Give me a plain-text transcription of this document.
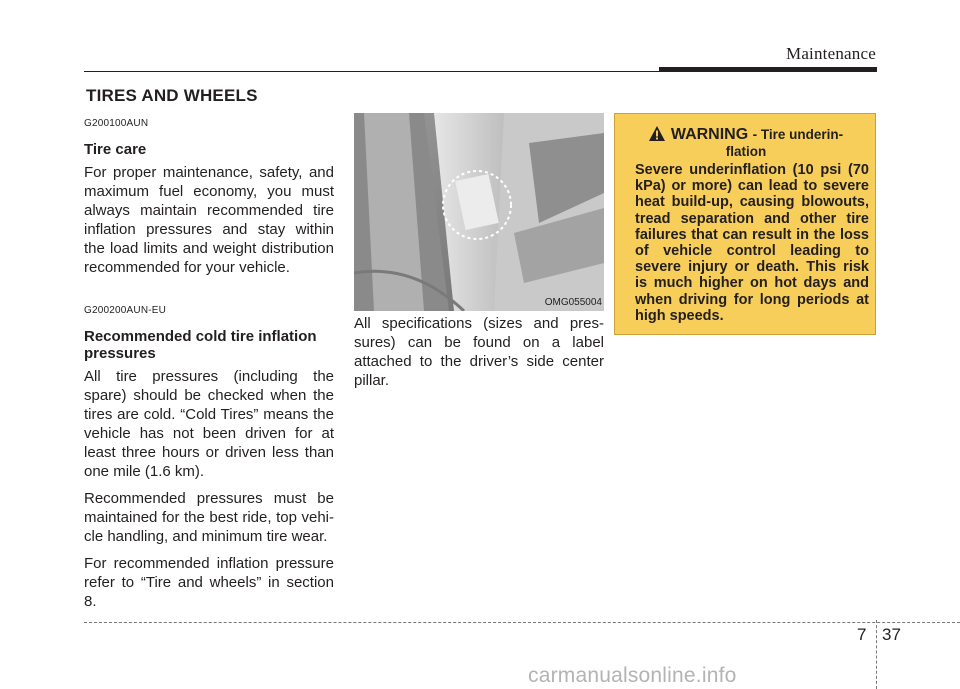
Maintenance
TIRES AND WHEELS
G200100AUN
Tire care

For proper maintenance, safety, and maximum fuel economy, you must always maintain recommended tire inflation pressures and stay within the load limits and weight distribution recommended for your vehicle.

G200200AUN-EU
Recommended cold tire inflation pressures

All tire pressures (including the spare) should be checked when the tires are cold. “Cold Tires” means the vehicle has not been driven for at least three hours or driven less than one mile (1.6 km).

Recommended pressures must be maintained for the best ride, top vehi-cle handling, and minimum tire wear.

For recommended inflation pressure refer to “Tire and wheels” in section 8.

OMG055004
All specifications (sizes and pres-sures) can be found on a label attached to the driver’s side center pillar.
WARNING - Tire underin-
flation
Severe underinflation (10 psi (70 kPa) or more) can lead to severe heat build-up, causing blowouts, tread separation and other tire failures that can result in the loss of vehicle control leading to severe injury or death. This risk is much higher on hot days and when driving for long periods at high speeds.
7 37
carmanualsonline.info
